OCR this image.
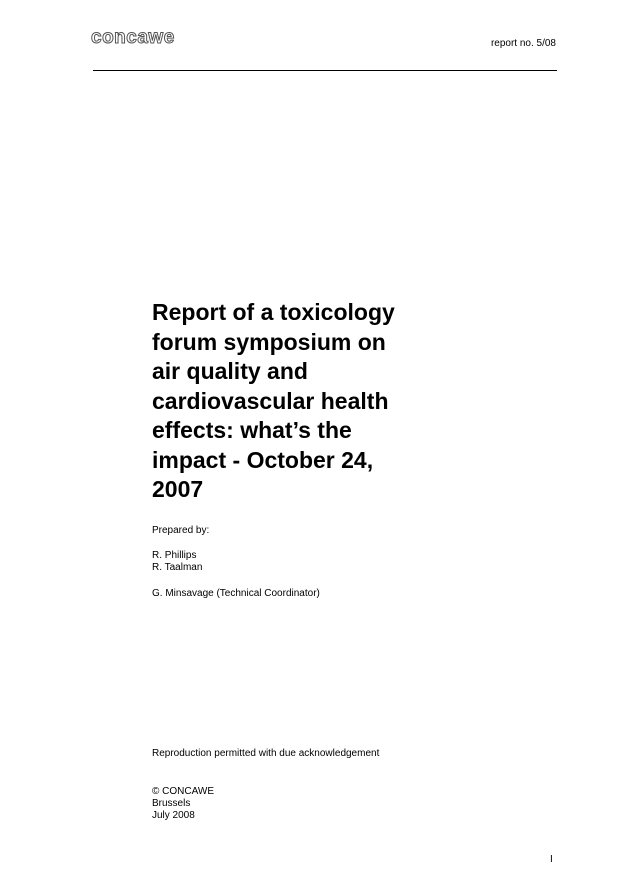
concawe	report no. 5/08
Report of a toxicology
forum symposium on
air quality and
cardiovascular health
effects: what’s the
impact - October 24,
2007
Prepared by:
R. Phillips
R. Taalman
G. Minsavage (Technical Coordinator)
Reproduction permitted with due acknowledgement
© CONCAWE
Brussels
July 2008
I
